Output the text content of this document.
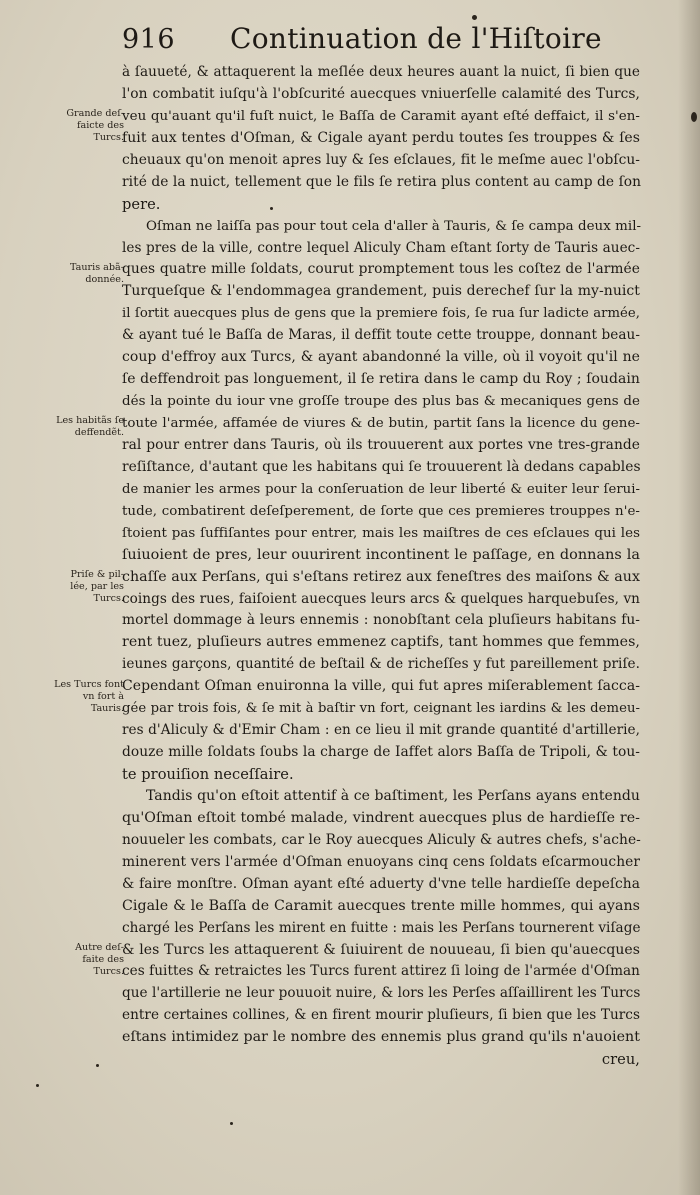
916 Continuation de l'Hiſtoire
à ſauueté, & attaquerent la meſlée deux heures auant la nuict, ſi bien que
l'on combatit iuſqu'à l'obſcurité auecques vniuerſelle calamité des Turcs,
veu qu'auant qu'il fuſt nuict, le Baſſa de Caramit ayant eſté deffaict, il s'en-
fuit aux tentes d'Oſman, & Cigale ayant perdu toutes ſes trouppes & ſes
cheuaux qu'on menoit apres luy & ſes eſclaues, fit le meſme auec l'obſcu-
rité de la nuict, tellement que le fils ſe retira plus content au camp de ſon
pere.
Oſman ne laiſſa pas pour tout cela d'aller à Tauris, & ſe campa deux mil-
les pres de la ville, contre lequel Aliculy Cham eſtant ſorty de Tauris auec-
ques quatre mille ſoldats, courut promptement tous les coſtez de l'armée
Turqueſque & l'endommagea grandement, puis derechef ſur la my-nuict
il ſortit auecques plus de gens que la premiere fois, ſe rua ſur ladicte armée,
& ayant tué le Baſſa de Maras, il deffit toute cette trouppe, donnant beau-
coup d'effroy aux Turcs, & ayant abandonné la ville, où il voyoit qu'il ne
ſe deffendroit pas longuement, il ſe retira dans le camp du Roy ; ſoudain
dés la pointe du iour vne groſſe troupe des plus bas & mecaniques gens de
toute l'armée, affamée de viures & de butin, partit ſans la licence du gene-
ral pour entrer dans Tauris, où ils trouuerent aux portes vne tres-grande
reſiſtance, d'autant que les habitans qui ſe trouuerent là dedans capables
de manier les armes pour la conſeruation de leur liberté & euiter leur ſerui-
tude, combatirent deſeſperement, de ſorte que ces premieres trouppes n'e-
ſtoient pas ſuffiſantes pour entrer, mais les maiſtres de ces eſclaues qui les
ſuiuoient de pres, leur ouurirent incontinent le paſſage, en donnans la
chaſſe aux Perſans, qui s'eſtans retirez aux feneſtres des maiſons & aux
coings des rues, faiſoient auecques leurs arcs & quelques harquebuſes, vn
mortel dommage à leurs ennemis : nonobſtant cela pluſieurs habitans fu-
rent tuez, pluſieurs autres emmenez captifs, tant hommes que femmes,
ieunes garçons, quantité de beſtail & de richeſſes y fut pareillement priſe.
Cependant Oſman enuironna la ville, qui fut apres miſerablement ſacca-
gée par trois fois, & ſe mit à baſtir vn fort, ceignant les iardins & les demeu-
res d'Aliculy & d'Emir Cham : en ce lieu il mit grande quantité d'artillerie,
douze mille ſoldats ſoubs la charge de Iaffet alors Baſſa de Tripoli, & tou-
te prouiſion neceſſaire.
Tandis qu'on eſtoit attentif à ce baſtiment, les Perſans ayans entendu
qu'Oſman eſtoit tombé malade, vindrent auecques plus de hardieſſe re-
nouueler les combats, car le Roy auecques Aliculy & autres chefs, s'ache-
minerent vers l'armée d'Oſman enuoyans cinq cens ſoldats eſcarmoucher
& faire monſtre. Oſman ayant eſté aduerty d'vne telle hardieſſe depeſcha
Cigale & le Baſſa de Caramit auecques trente mille hommes, qui ayans
chargé les Perſans les mirent en fuitte : mais les Perſans tournerent viſage
& les Turcs les attaquerent & ſuiuirent de nouueau, ſi bien qu'auecques
ces fuittes & retraictes les Turcs furent attirez ſi loing de l'armée d'Oſman
que l'artillerie ne leur pouuoit nuire, & lors les Perſes aſſaillirent les Turcs
entre certaines collines, & en firent mourir pluſieurs, ſi bien que les Turcs
eſtans intimidez par le nombre des ennemis plus grand qu'ils n'auoient
creu,
Grande deſ-faicte des Turcs.
Tauris abã-donnée.
Les habitãs ſe deffendẽt.
Priſe & pil-lée, par les Turcs.
Les Turcs font vn fort à Tauris.
Autre deſ-faite des Turcs.
